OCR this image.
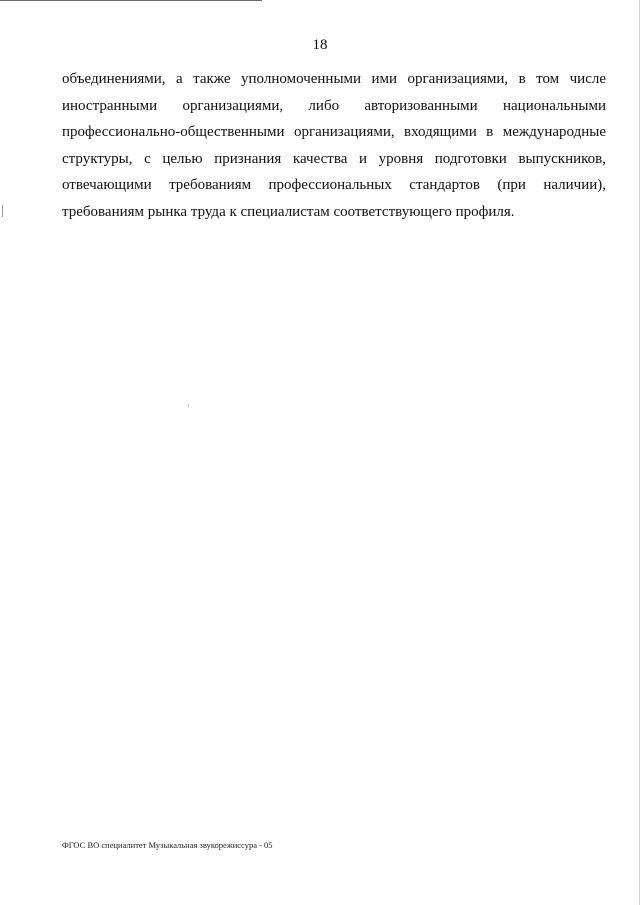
18
объединениями, а также уполномоченными ими организациями, в том числе
иностранными организациями, либо авторизованными национальными
профессионально-общественными организациями, входящими в международные
структуры, с целью признания качества и уровня подготовки выпускников,
отвечающими требованиям профессиональных стандартов (при наличии),
требованиям рынка труда к специалистам соответствующего профиля.
ФГОС ВО специалитет Музыкальная звукорежиссура - 05
